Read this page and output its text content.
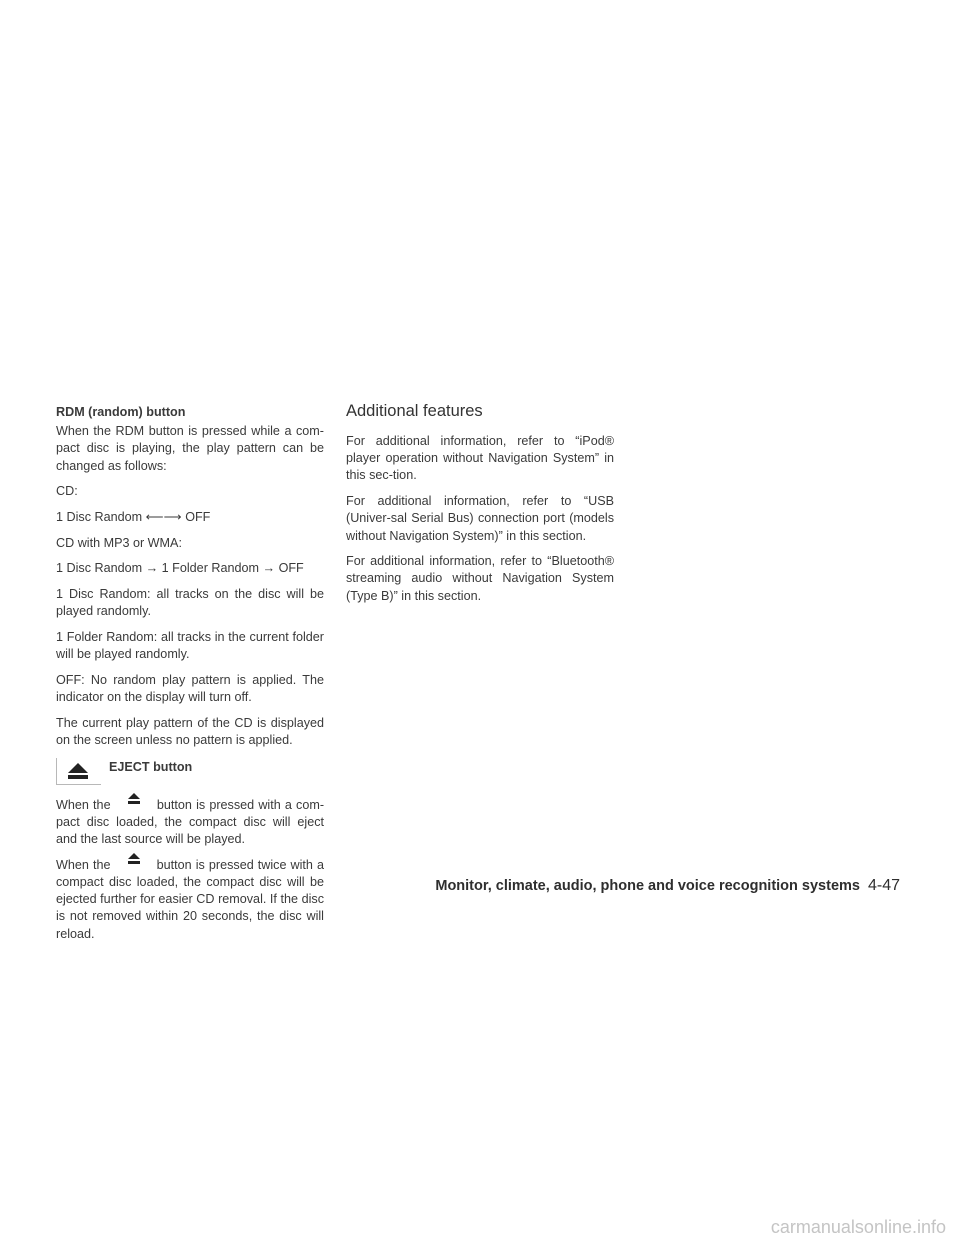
RDM (random) button

When the RDM button is pressed while a com-pact disc is playing, the play pattern can be changed as follows:

CD:

1 Disc Random ⟵⟶ OFF

CD with MP3 or WMA:

1 Disc Random → 1 Folder Random → OFF

1 Disc Random: all tracks on the disc will be played randomly.

1 Folder Random: all tracks in the current folder will be played randomly.

OFF: No random play pattern is applied. The indicator on the display will turn off.

The current play pattern of the CD is displayed on the screen unless no pattern is applied.

EJECT button

When the	button is pressed with a com-pact disc loaded, the compact disc will eject and the last source will be played.

When the	button is pressed twice with a compact disc loaded, the compact disc will be ejected further for easier CD removal. If the disc is not removed within 20 seconds, the disc will reload.

Additional features

For additional information, refer to “iPod® player operation without Navigation System” in this sec-tion.

For additional information, refer to “USB (Univer-sal Serial Bus) connection port (models without Navigation System)” in this section.

For additional information, refer to “Bluetooth® streaming audio without Navigation System (Type B)” in this section.

Monitor, climate, audio, phone and voice recognition systems 4-47
carmanualsonline.info
